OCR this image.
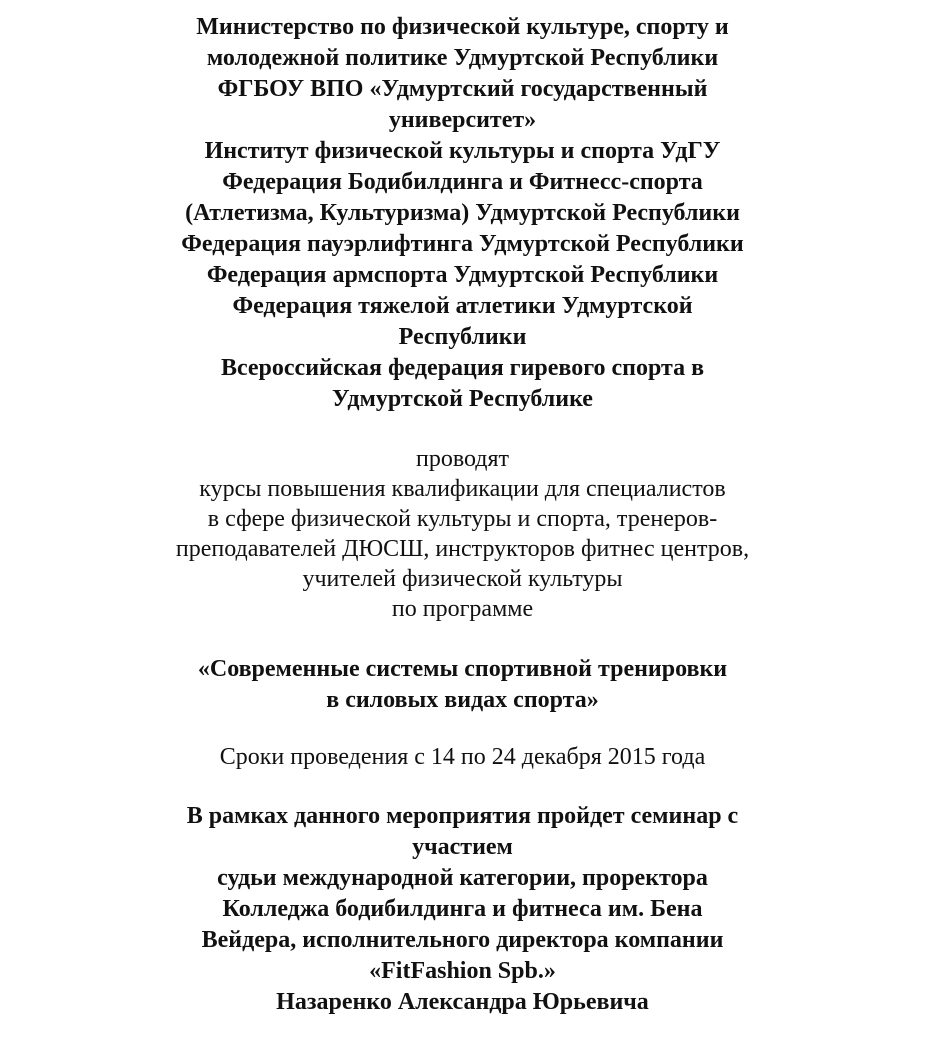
Министерство по физической культуре, спорту и
молодежной политике Удмуртской Республики
ФГБОУ ВПО «Удмуртский государственный
университет»
Институт физической культуры и спорта УдГУ
Федерация Бодибилдинга и Фитнесс-спорта
(Атлетизма, Культуризма) Удмуртской Республики
Федерация пауэрлифтинга Удмуртской Республики
Федерация армспорта Удмуртской Республики
Федерация тяжелой атлетики Удмуртской
Республики
Всероссийская федерация гиревого спорта в
Удмуртской Республике
проводят
курсы повышения квалификации для специалистов
в сфере физической культуры и спорта, тренеров-
преподавателей ДЮСШ, инструкторов фитнес центров,
учителей физической культуры
по программе
«Современные системы спортивной тренировки
в силовых видах спорта»
Сроки проведения с 14 по 24 декабря 2015 года
В рамках данного мероприятия пройдет семинар с
участием
судьи международной категории, проректора
Колледжа бодибилдинга и фитнеса им. Бена
Вейдера, исполнительного директора компании
«FitFashion Spb.»
Назаренко Александра Юрьевича
